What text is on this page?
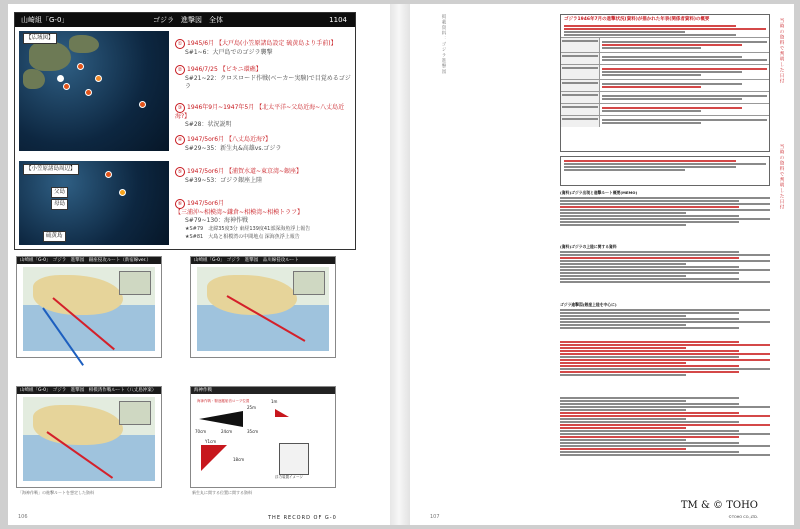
山崎組「G-0」	ゴジラ　進撃図　全体	1104
【広域図】
【小笠原諸島周辺】
父島
母島
硫黄島
① 1945/6月 【大戸島(小笠原諸島設定 硫黄島より手前)】
S#1~6：大戸島でのゴジラ襲撃
② 1946/7/25 【ビキニ環礁】
S#21~22：クロスロード作戦(ベーカー実験)で目覚めるゴジラ
③ 1946年9月~1947年5月 【北太平洋~父島近海~八丈島近海?】
S#28：状況説明
④ 1947/5or6月 【八丈島近海?】
S#29~35：新生丸&高雄vs.ゴジラ
⑤ 1947/5or6月 【浦賀水道~東京湾~銀座】
S#39~53：ゴジラ銀座上陸
⑥ 1947/5or6月 【三浦沖~相模湾~鎌倉~相模湾~相模トラフ】
S#79~130：海神作戦
★S#79　北緯35度3分 東経139度41部深海魚浮上報告
★S#81　大島と相模湾の中間地点 深海魚浮上報告
山崎組「G-0」　ゴジラ　進撃図　銀座侵攻ルート（新宿線ver.）	山崎組「G-0」　ゴジラ　進撃図　品川線侵攻ルート
山崎組「G-0」　ゴジラ　進撃図　相模湾作戦ルート（八丈島沖案）	海神作戦
海神作戦・駆逐艦船首ロープ位置
25m
70cm	35cm
24cm
1m
Y1cm
18cm
浮力装置イメージ
「海神作戦」の進撃ルートを想定した資料	新生丸に関する位置に関する資料
106	THE RECORD OF G-0
掲載資料：ゴジラ進撃図	当時の資料で判明した日付
当時の資料で判明した日付
ゴジラ1946年7月の進撃状況(資料)が描かれた年表(関係者資料)の概要
(資料)ゴジラ出現と進撃ルート概要(MEMO)
(資料)ゴジラの上陸に関する資料
ゴジラ進撃図(銀座上陸を中心に)
107
TM & © TOHO
©TOHO CO.,LTD.
